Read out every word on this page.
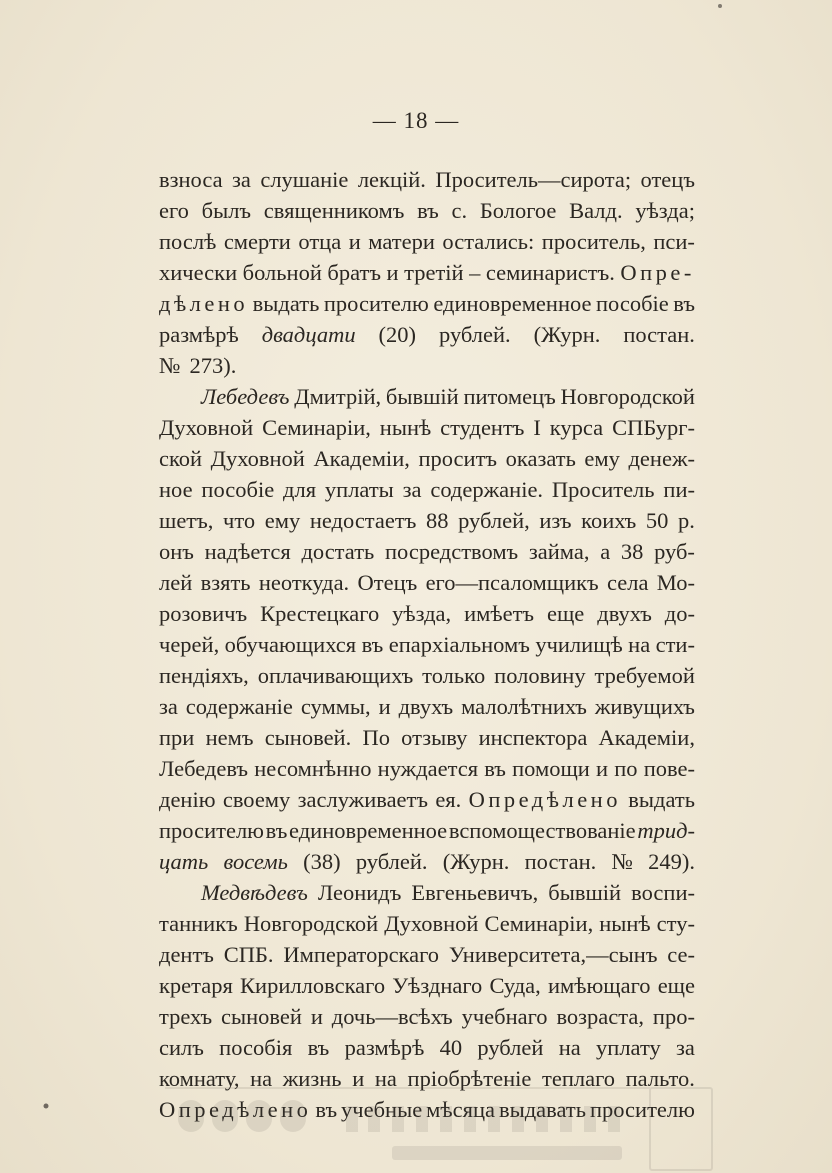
— 18 —
взноса за слушаніе лекцій. Проситель—сирота; отецъ
его былъ священникомъ въ с. Бологое Валд. уѣзда;
послѣ смерти отца и матери остались: проситель, пси-
хически больной братъ и третій – семинаристъ. Опре-
дѣлено выдать просителю единовременное пособіе въ
размѣрѣ двадцати (20) рублей. (Журн. постан.
№ 273).
Лебедевъ Дмитрій, бывшій питомецъ Новгородской
Духовной Семинаріи, нынѣ студентъ I курса СПБург-
ской Духовной Академіи, проситъ оказать ему денеж-
ное пособіе для уплаты за содержаніе. Проситель пи-
шетъ, что ему недостаетъ 88 рублей, изъ коихъ 50 р.
онъ надѣется достать посредствомъ займа, а 38 руб-
лей взять неоткуда. Отецъ его—псаломщикъ села Мо-
розовичъ Крестецкаго уѣзда, имѣетъ еще двухъ до-
черей, обучающихся въ епархіальномъ училищѣ на сти-
пендіяхъ, оплачивающихъ только половину требуемой
за содержаніе суммы, и двухъ малолѣтнихъ живущихъ
при немъ сыновей. По отзыву инспектора Академіи,
Лебедевъ несомнѣнно нуждается въ помощи и по пове-
денію своему заслуживаетъ ея. Опредѣлено выдать
просителю въ единовременное вспомоществованіе трид-
цать восемь (38) рублей. (Журн. постан. № 249).
Медвѣдевъ Леонидъ Евгеньевичъ, бывшій воспи-
танникъ Новгородской Духовной Семинаріи, нынѣ сту-
дентъ СПБ. Императорскаго Университета,—сынъ се-
кретаря Кирилловскаго Уѣзднаго Суда, имѣющаго еще
трехъ сыновей и дочь—всѣхъ учебнаго возраста, про-
силъ пособія въ размѣрѣ 40 рублей на уплату за
комнату, на жизнь и на пріобрѣтеніе теплаго пальто.
Опредѣлено въ учебные мѣсяца выдавать просителю
